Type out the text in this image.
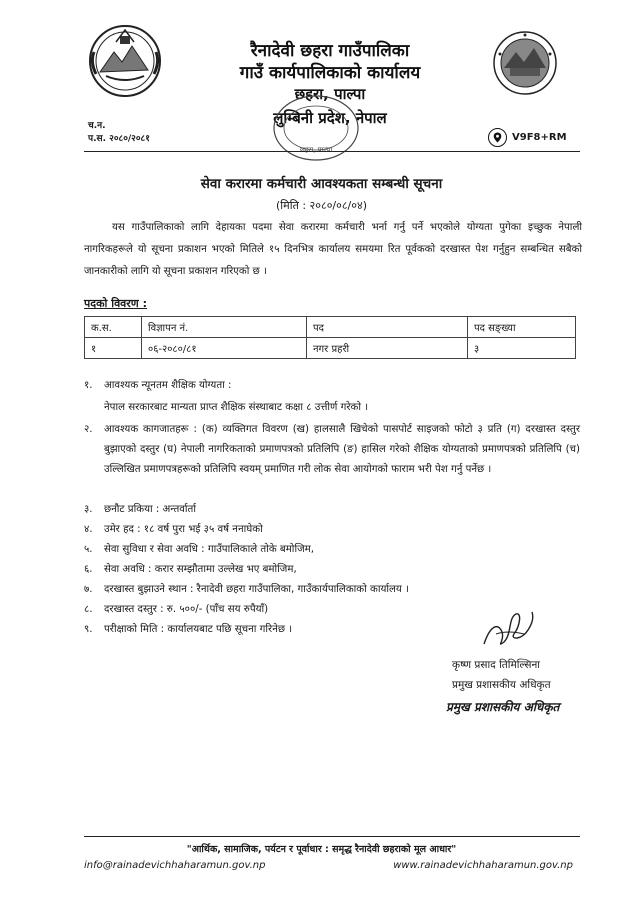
रैनादेवी छहरा गाउँपालिका
गाउँ कार्यपालिकाको कार्यालय
छहरा, पाल्पा
लुम्बिनी प्रदेश, नेपाल
छहरा, पाल्पा
च.न.
प.स. २०८०/२०८१	V9F8+RM
सेवा करारमा कर्मचारी आवश्यकता सम्बन्धी सूचना
(मिति : २०८०/०८/०४)
यस गाउँपालिकाको लागि देहायका पदमा सेवा करारमा कर्मचारी भर्ना गर्नु पर्ने भएकोले योग्यता पुगेका इच्छुक नेपाली नागरिकहरूले यो सूचना प्रकाशन भएको मितिले १५ दिनभित्र कार्यालय समयमा रित पूर्वकको दरखास्त पेश गर्नुहुन सम्बन्धित सबैको जानकारीको लागि यो सूचना प्रकाशन गरिएको छ ।
पदको विवरण :
क.स.	विज्ञापन नं.	पद	पद सङ्ख्या
१	०६-२०८०/८१	नगर प्रहरी	३
१. आवश्यक न्यूनतम शैक्षिक योग्यता :
नेपाल सरकारबाट मान्यता प्राप्त शैक्षिक संस्थाबाट कक्षा ८ उत्तीर्ण गरेको ।
२.	आवश्यक कागजातहरू : (क) व्यक्तिगत विवरण (ख) हालसालै खिचेको पासपोर्ट साइजको फोटो ३ प्रति (ग) दरखास्त दस्तुर बुझाएको दस्तुर (घ) नेपाली नागरिकताको प्रमाणपत्रको प्रतिलिपि (ङ) हासिल गरेको शैक्षिक योग्यताको प्रमाणपत्रको प्रतिलिपि (च) उल्लिखित प्रमाणपत्रहरूको प्रतिलिपि स्वयम् प्रमाणित गरी लोक सेवा आयोगको फाराम भरी पेश गर्नु पर्नेछ ।
३. छनौट प्रकिया : अन्तर्वार्ता
४. उमेर हद : १८ वर्ष पुरा भई ३५ वर्ष ननाघेको
५. सेवा सुविधा र सेवा अवधि : गाउँपालिकाले तोके बमोजिम,
६. सेवा अवधि : करार सम्झौतामा उल्लेख भए बमोजिम,
७. दरखास्त बुझाउने स्थान : रैनादेवी छहरा गाउँपालिका, गाउँकार्यपालिकाको कार्यालय ।
८. दरखास्त दस्तुर : रु. ५००/- (पाँच सय रुपैयाँ)
९. परीक्षाको मिति : कार्यालयबाट पछि सूचना गरिनेछ ।
कृष्ण प्रसाद तिमिल्सिना
प्रमुख प्रशासकीय अधिकृत
प्रमुख प्रशासकीय अधिकृत
"आर्थिक, सामाजिक, पर्यटन र पूर्वाधार : समृद्ध रैनादेवी छहराको मूल आधार"
info@rainadevichhaharamun.gov.np	www.rainadevichhaharamun.gov.np
